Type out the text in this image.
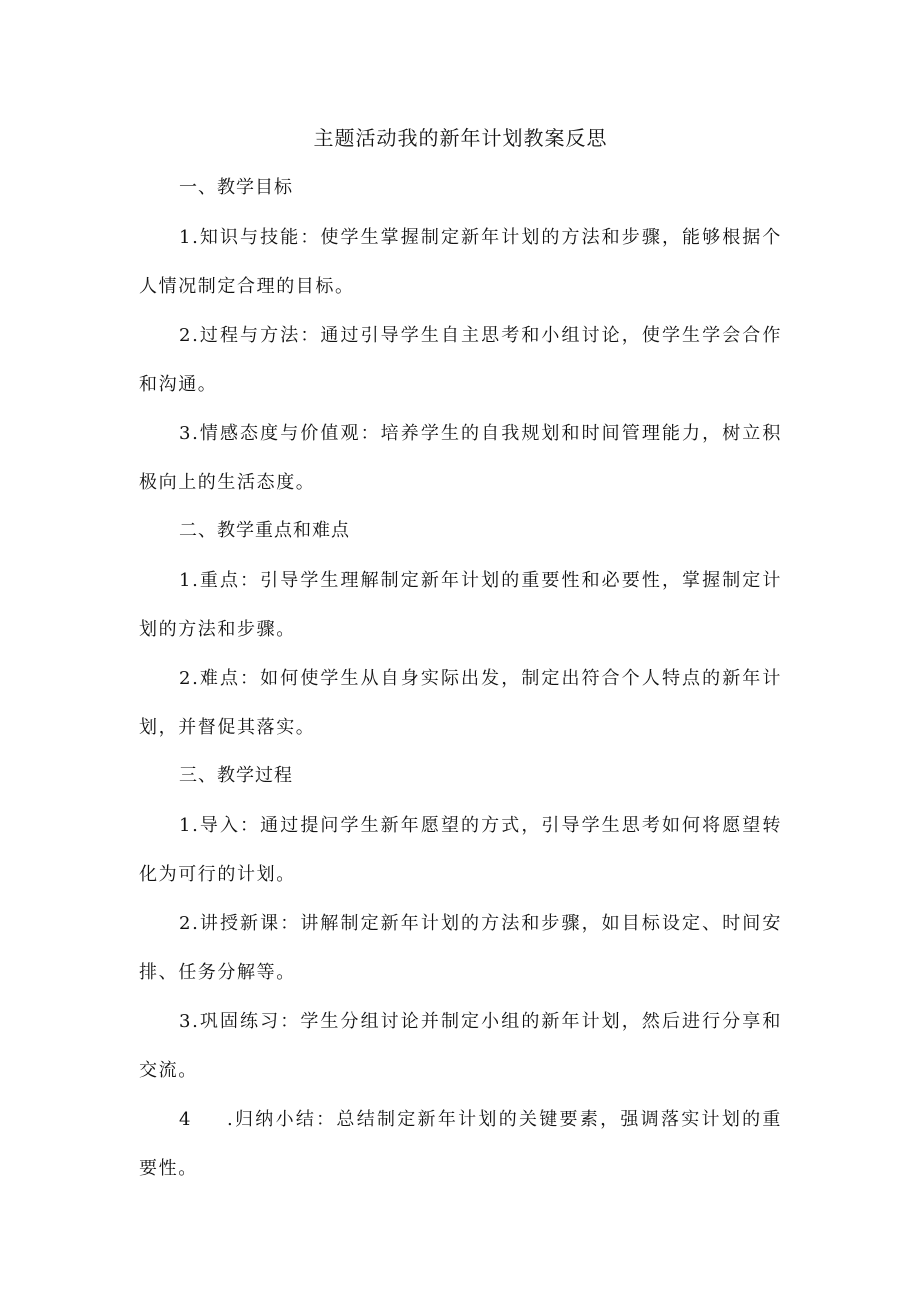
主题活动我的新年计划教案反思
一、教学目标

1.知识与技能：使学生掌握制定新年计划的方法和步骤，能够根据个人情况制定合理的目标。

2.过程与方法：通过引导学生自主思考和小组讨论，使学生学会合作和沟通。

3.情感态度与价值观：培养学生的自我规划和时间管理能力，树立积极向上的生活态度。

二、教学重点和难点

1.重点：引导学生理解制定新年计划的重要性和必要性，掌握制定计划的方法和步骤。

2.难点：如何使学生从自身实际出发，制定出符合个人特点的新年计划，并督促其落实。

三、教学过程

1.导入：通过提问学生新年愿望的方式，引导学生思考如何将愿望转化为可行的计划。

2.讲授新课：讲解制定新年计划的方法和步骤，如目标设定、时间安排、任务分解等。

3.巩固练习：学生分组讨论并制定小组的新年计划，然后进行分享和交流。

4 .归纳小结：总结制定新年计划的关键要素，强调落实计划的重要性。
